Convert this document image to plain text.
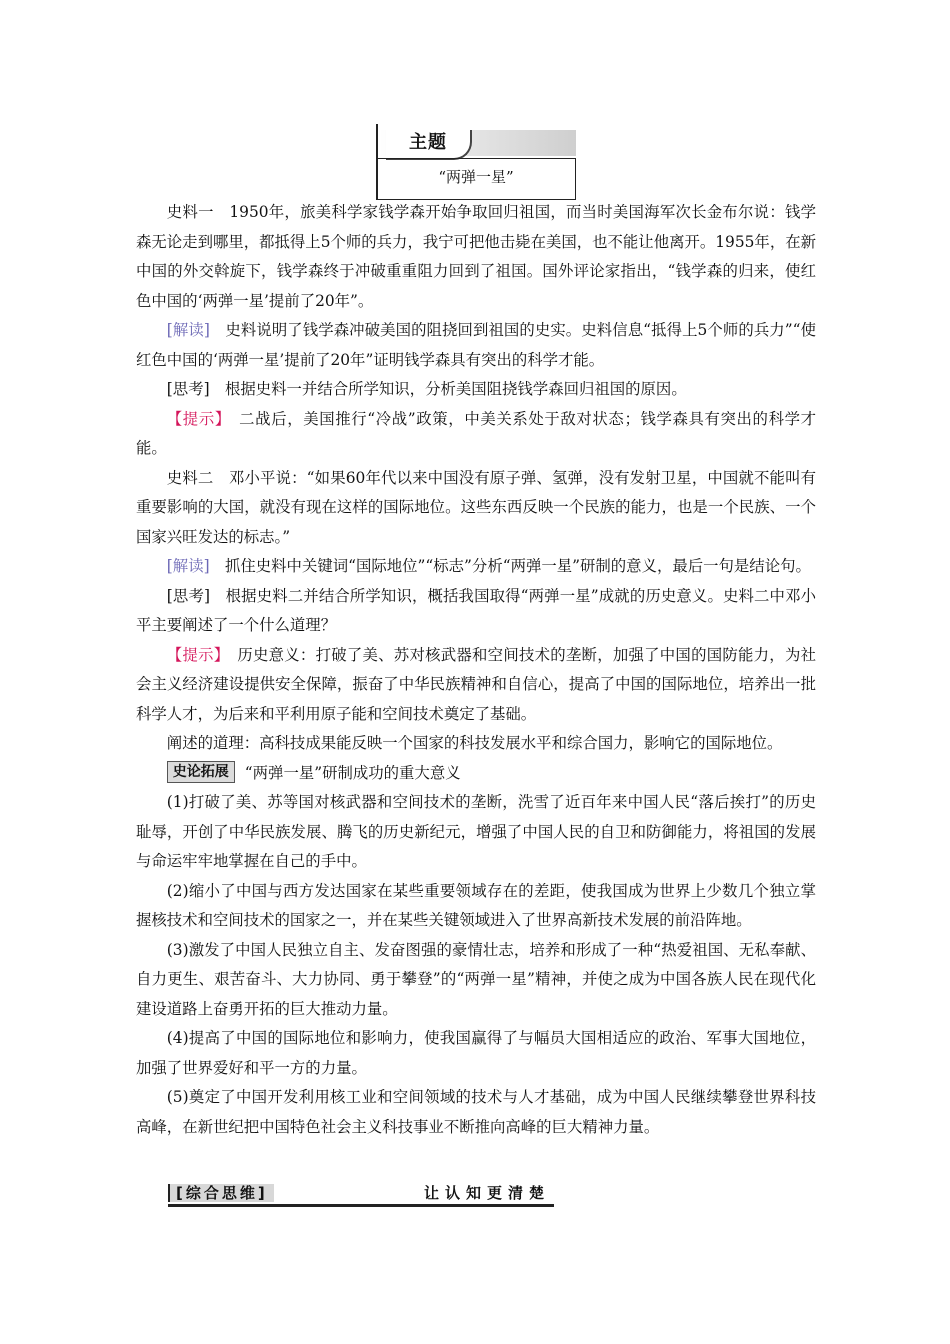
主题
“两弹一星”

史料一　1950年，旅美科学家钱学森开始争取回归祖国，而当时美国海军次长金布尔说：钱学森无论走到哪里，都抵得上5个师的兵力，我宁可把他击毙在美国，也不能让他离开。1955年，在新中国的外交斡旋下，钱学森终于冲破重重阻力回到了祖国。国外评论家指出，“钱学森的归来，使红色中国的‘两弹一星’提前了20年”。

[解读]　史料说明了钱学森冲破美国的阻挠回到祖国的史实。史料信息“抵得上5个师的兵力”“使红色中国的‘两弹一星’提前了20年”证明钱学森具有突出的科学才能。

[思考]　根据史料一并结合所学知识，分析美国阻挠钱学森回归祖国的原因。

【提示】　二战后，美国推行“冷战”政策，中美关系处于敌对状态；钱学森具有突出的科学才能。

史料二　邓小平说：“如果60年代以来中国没有原子弹、氢弹，没有发射卫星，中国就不能叫有重要影响的大国，就没有现在这样的国际地位。这些东西反映一个民族的能力，也是一个民族、一个国家兴旺发达的标志。”

[解读]　抓住史料中关键词“国际地位”“标志”分析“两弹一星”研制的意义，最后一句是结论句。

[思考]　根据史料二并结合所学知识，概括我国取得“两弹一星”成就的历史意义。史料二中邓小平主要阐述了一个什么道理？

【提示】　历史意义：打破了美、苏对核武器和空间技术的垄断，加强了中国的国防能力，为社会主义经济建设提供安全保障，振奋了中华民族精神和自信心，提高了中国的国际地位，培养出一批科学人才，为后来和平利用原子能和空间技术奠定了基础。

阐述的道理：高科技成果能反映一个国家的科技发展水平和综合国力，影响它的国际地位。

史论拓展 “两弹一星”研制成功的重大意义

(1)打破了美、苏等国对核武器和空间技术的垄断，洗雪了近百年来中国人民“落后挨打”的历史耻辱，开创了中华民族发展、腾飞的历史新纪元，增强了中国人民的自卫和防御能力，将祖国的发展与命运牢牢地掌握在自己的手中。

(2)缩小了中国与西方发达国家在某些重要领域存在的差距，使我国成为世界上少数几个独立掌握核技术和空间技术的国家之一，并在某些关键领域进入了世界高新技术发展的前沿阵地。

(3)激发了中国人民独立自主、发奋图强的豪情壮志，培养和形成了一种“热爱祖国、无私奉献、自力更生、艰苦奋斗、大力协同、勇于攀登”的“两弹一星”精神，并使之成为中国各族人民在现代化建设道路上奋勇开拓的巨大推动力量。

(4)提高了中国的国际地位和影响力，使我国赢得了与幅员大国相适应的政治、军事大国地位，加强了世界爱好和平一方的力量。

(5)奠定了中国开发利用核工业和空间领域的技术与人才基础，成为中国人民继续攀登世界科技高峰，在新世纪把中国特色社会主义科技事业不断推向高峰的巨大精神力量。

[综合思维]	让认知更清楚
